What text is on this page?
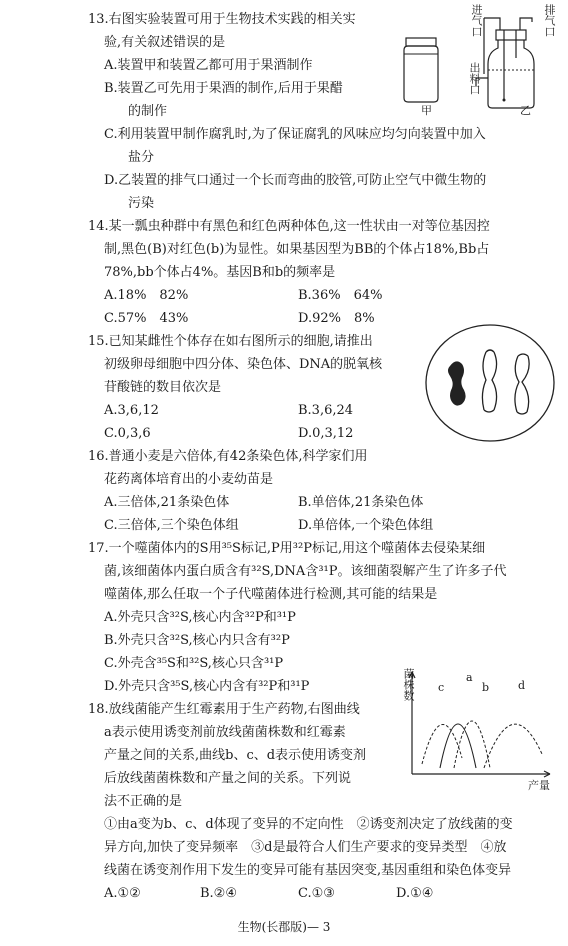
13.右图实验装置可用于生物技术实践的相关实
验,有关叙述错误的是
A.装置甲和装置乙都可用于果酒制作
B.装置乙可先用于果酒的制作,后用于果醋
的制作
C.利用装置甲制作腐乳时,为了保证腐乳的风味应均匀向装置中加入
盐分
D.乙装置的排气口通过一个长而弯曲的胶管,可防止空气中微生物的
污染
甲	乙
进气口	排气口
出料口
14.某一瓢虫种群中有黑色和红色两种体色,这一性状由一对等位基因控
制,黑色(B)对红色(b)为显性。如果基因型为BB的个体占18%,Bb占
78%,bb个体占4%。基因B和b的频率是
A.18%　82%	B.36%　64%
C.57%　43%	D.92%　8%
15.已知某雌性个体存在如右图所示的细胞,请推出
初级卵母细胞中四分体、染色体、DNA的脱氧核
苷酸链的数目依次是
A.3,6,12	B.3,6,24
C.0,3,6	D.0,3,12
16.普通小麦是六倍体,有42条染色体,科学家们用
花药离体培育出的小麦幼苗是
A.三倍体,21条染色体	B.单倍体,21条染色体
C.三倍体,三个染色体组	D.单倍体,一个染色体组
17.一个噬菌体内的S用³⁵S标记,P用³²P标记,用这个噬菌体去侵染某细
菌,该细菌体内蛋白质含有³²S,DNA含³¹P。该细菌裂解产生了许多子代
噬菌体,那么任取一个子代噬菌体进行检测,其可能的结果是
A.外壳只含³²S,核心内含³²P和³¹P
B.外壳只含³²S,核心内只含有³²P
C.外壳含³⁵S和³²S,核心只含³¹P
D.外壳只含³⁵S,核心内含有³²P和³¹P
18.放线菌能产生红霉素用于生产药物,右图曲线
a表示使用诱变剂前放线菌菌株数和红霉素
产量之间的关系,曲线b、c、d表示使用诱变剂
后放线菌菌株数和产量之间的关系。下列说
法不正确的是
①由a变为b、c、d体现了变异的不定向性　②诱变剂决定了放线菌的变
异方向,加快了变异频率　③d是最符合人们生产要求的变异类型　④放
线菌在诱变剂作用下发生的变异可能有基因突变,基因重组和染色体变异
A.①②	B.②④	C.①③	D.①④
菌株数
产量
a
b
c	d
生物(长郡版)— 3
